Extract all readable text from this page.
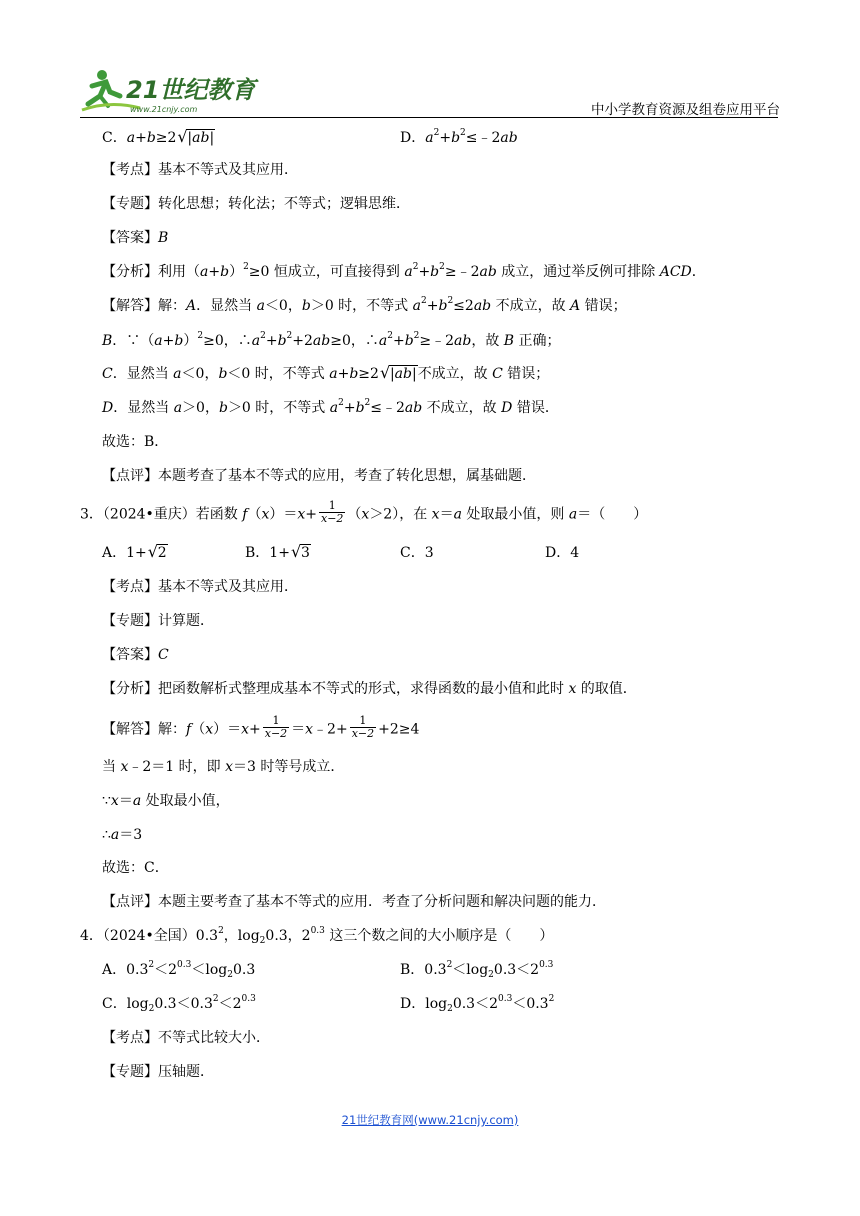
21世纪教育
www.21cnjy.com	中小学教育资源及组卷应用平台
C．a+b≥2 √ |ab|	D．$a^2+b^2\le﹣2ab$
【考点】基本不等式及其应用．
【专题】转化思想；转化法；不等式；逻辑思维．
【答案】B
【分析】利用$(a+b)^2\ge 0$ 恒成立，可直接得到 $a^2+b^2\ge﹣2ab$ 成立，通过举反例可排除 ACD．
【解答】解：A．显然当 a＜0，b＞0 时，不等式 $a^2+b^2\le 2ab$ 不成立，故 A 错误；
B．$\because(a+b)^2\ge 0$，$\therefore a^2+b^2+2ab\ge 0$，$\therefore a^2+b^2\ge﹣2ab$，故 B 正确；
C．显然当 a＜0，b＜0 时，不等式 a+b≥2 √ |ab|不成立，故 C 错误；
D．显然当 a＞0，b＞0 时，不等式 $a^2+b^2\le﹣2ab$ 不成立，故 D 错误．
故选：B．
【点评】本题考查了基本不等式的应用，考查了转化思想，属基础题．
3．（2024•重庆）若函数 $f(x)=x+ \frac{1}{x-2} (x>2)$，在 x＝a 处取最小值，则 a＝（　　）
A．1+ √ 2	B．1+ √ 3	C．3	D．4
【考点】基本不等式及其应用．
【专题】计算题．
【答案】C
【分析】把函数解析式整理成基本不等式的形式，求得函数的最小值和此时 x 的取值．
【解答】解：$f(x)=x+ \frac{1}{x-2}$ ＝x﹣2+ $\frac{1}{x-2} +2\ge 4$
当 x﹣2＝1 时，即 x＝3 时等号成立．
∵x＝a 处取最小值，
∴a＝3
故选：C．
【点评】本题主要考查了基本不等式的应用．考查了分析问题和解决问题的能力．
4．（2024•全国）$0.3^2$，$\log_20.3$，$2^{0.3}$ 这三个数之间的大小顺序是（　　）
A．$0.3^2<2^{0.3}<\log_20.3$	B．$0.3^2<\log_20.3<2^{0.3}$
C．$\log_20.3<0.3^2<2^{0.3}$	D．$\log_20.3<2^{0.3}<0.3^2$
【考点】不等式比较大小．
【专题】压轴题．
21世纪教育网(www.21cnjy.com)
